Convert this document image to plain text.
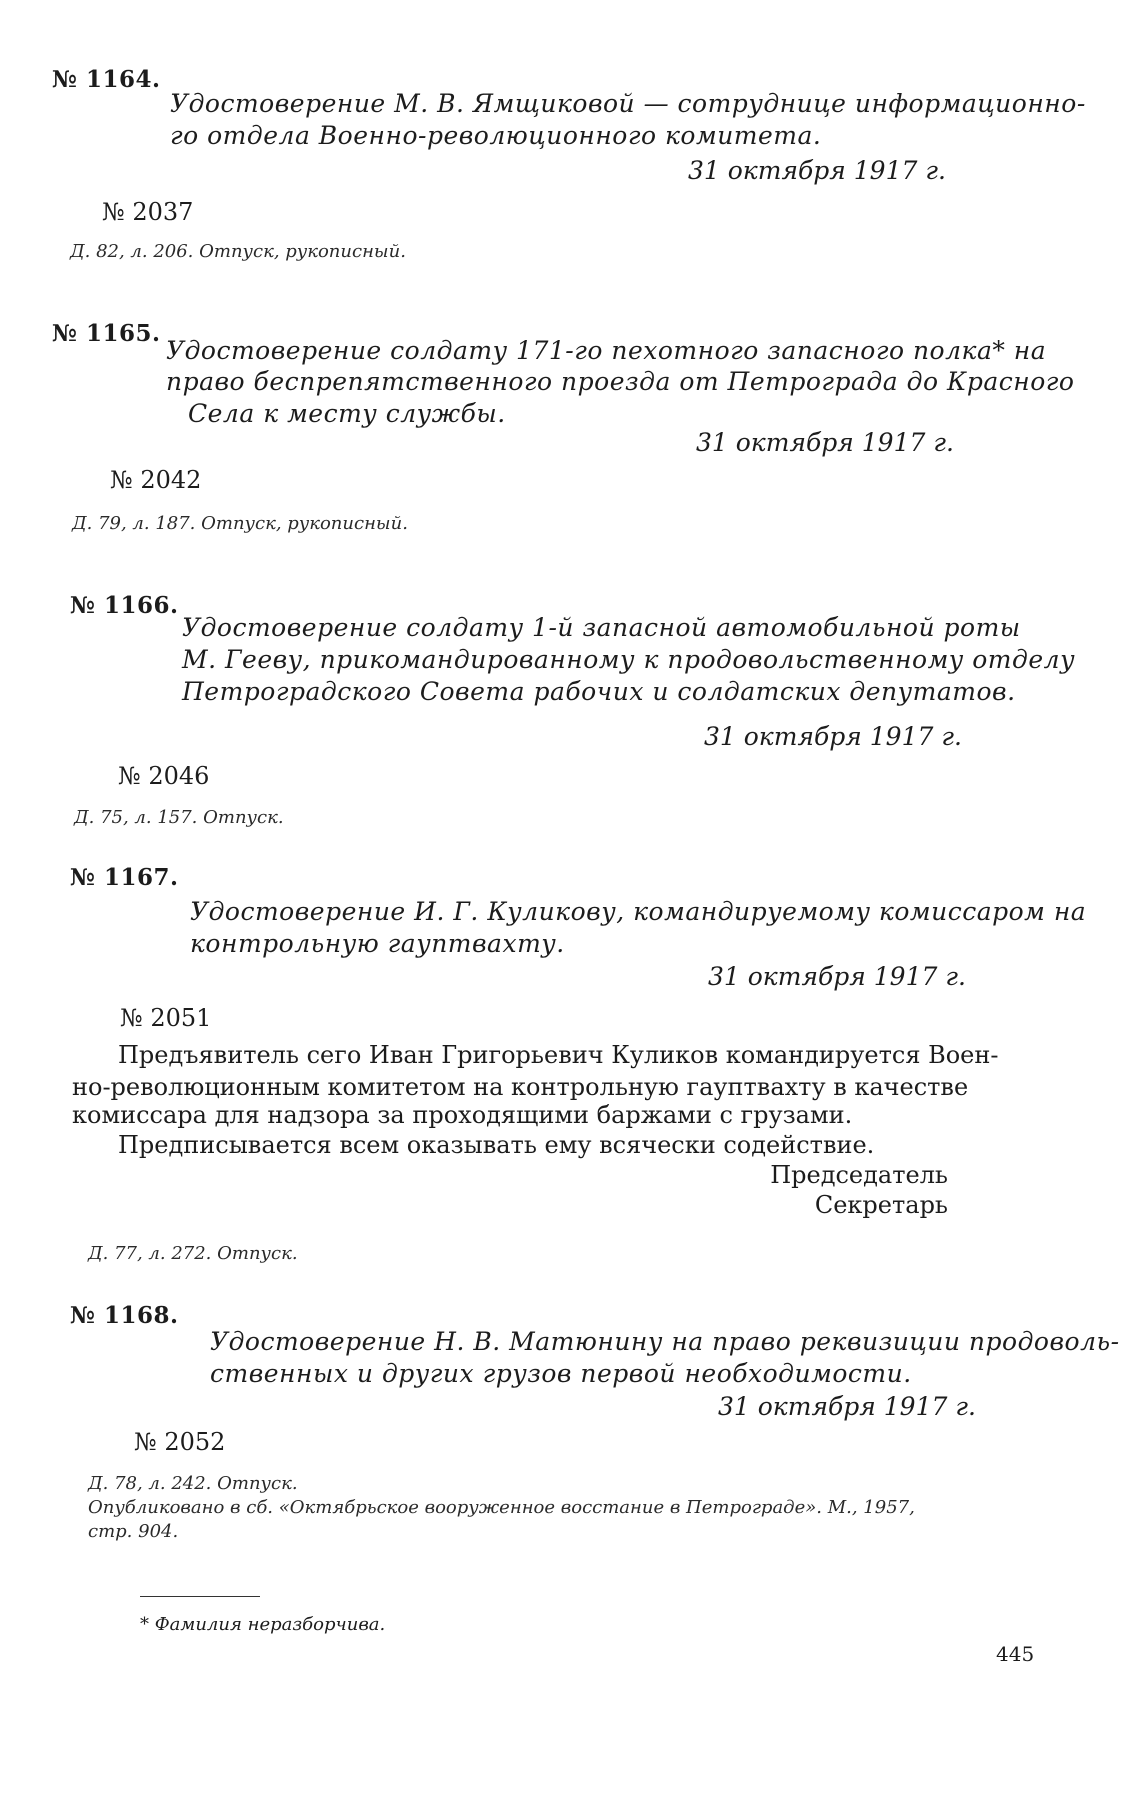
№ 1164.
Удостоверение М. В. Ямщиковой — сотруднице информационно-
го отдела Военно-революционного комитета.
31 октября 1917 г.
№ 2037
Д. 82, л. 206. Отпуск, рукописный.
№ 1165.
Удостоверение солдату 171-го пехотного запасного полка* на
право беспрепятственного проезда от Петрограда до Красного
Села к месту службы.
31 октября 1917 г.
№ 2042
Д. 79, л. 187. Отпуск, рукописный.
№ 1166.
Удостоверение солдату 1-й запасной автомобильной роты
М. Гееву, прикомандированному к продовольственному отделу
Петроградского Совета рабочих и солдатских депутатов.
31 октября 1917 г.
№ 2046
Д. 75, л. 157. Отпуск.
№ 1167.
Удостоверение И. Г. Куликову, командируемому комиссаром на
контрольную гауптвахту.
31 октября 1917 г.
№ 2051
Предъявитель сего Иван Григорьевич Куликов командируется Воен-
но-революционным комитетом на контрольную гауптвахту в качестве
комиссара для надзора за проходящими баржами с грузами.
Предписывается всем оказывать ему всячески содействие.
Председатель
Секретарь
Д. 77, л. 272. Отпуск.
№ 1168.
Удостоверение Н. В. Матюнину на право реквизиции продоволь-
ственных и других грузов первой необходимости.
31 октября 1917 г.
№ 2052
Д. 78, л. 242. Отпуск.
Опубликовано в сб. «Октябрьское вооруженное восстание в Петрограде». М., 1957,
стр. 904.
* Фамилия неразборчива.
445
